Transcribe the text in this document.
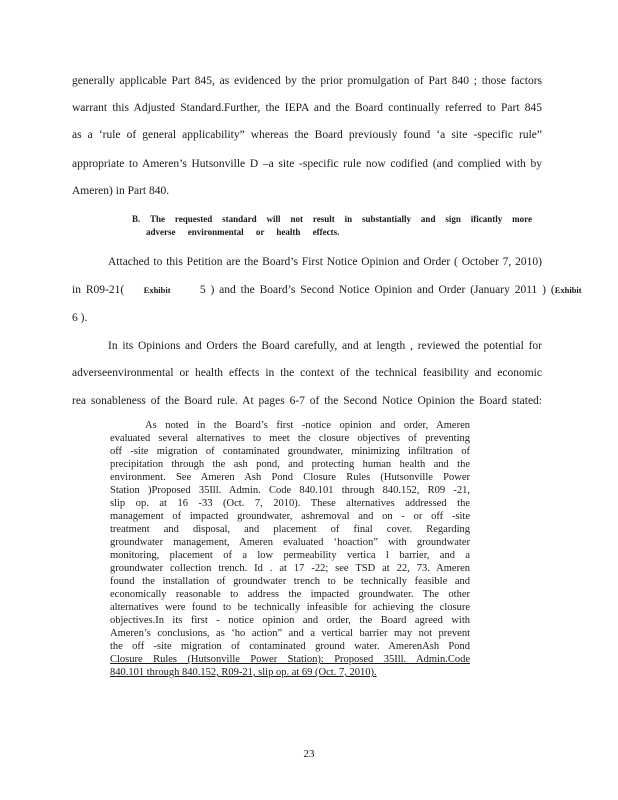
generally applicable Part 845, as evidenced by the prior promulgation of Part 840 ; those factors
warrant this Adjusted Standard.Further, the IEPA and the Board continually referred to Part 845
as a ‘rule of general applicability” whereas the Board previously found ‘a site -specific rule”
appropriate to Ameren’s Hutsonville D –a site -specific rule now codified (and complied with by
Ameren) in Part 840.
B. The requested standard will not result in substantially and sign ificantly more
adverse environmental or health effects.
Attached to this Petition are the Board’s First Notice Opinion and Order ( October 7, 2010)
in R09-21( Exhibit	5 ) and the Board’s Second Notice Opinion and Order (January 2011 ) (Exhibit
6 ).
In its Opinions and Orders the Board carefully, and at length , reviewed the potential for
adverseenvironmental or health effects in the context of the technical feasibility and economic
rea sonableness of the Board rule. At pages 6-7 of the Second Notice Opinion the Board stated:
As noted in the Board’s first -notice opinion and order, Ameren
evaluated several alternatives to meet the closure objectives of preventing
off -site migration of contaminated groundwater, minimizing infiltration of
precipitation through the ash pond, and protecting human health and the
environment. See Ameren Ash Pond Closure Rules (Hutsonville Power
Station )Proposed 35Ill. Admin. Code 840.101 through 840.152, R09 -21,
slip op. at 16 -33 (Oct. 7, 2010). These alternatives addressed the
management of impacted groundwater, ashremoval and on - or off -site
treatment and disposal, and placement of final cover. Regarding
groundwater management, Ameren evaluated ‘hoaction” with groundwater
monitoring, placement of a low permeability vertica l barrier, and a
groundwater collection trench. Id . at 17 -22; see TSD at 22, 73. Ameren
found the installation of groundwater trench to be technically feasible and
economically reasonable to address the impacted groundwater. The other
alternatives were found to be technically infeasible for achieving the closure
objectives.In its first - notice opinion and order, the Board agreed with
Ameren’s conclusions, as ‘ho action” and a vertical barrier may not prevent
the off -site migration of contaminated ground water. AmerenAsh Pond
Closure Rules (Hutsonville Power Station): Proposed 35Ill. Admin.Code
840.101 through 840.152, R09-21, slip op. at 69 (Oct. 7, 2010).
23
